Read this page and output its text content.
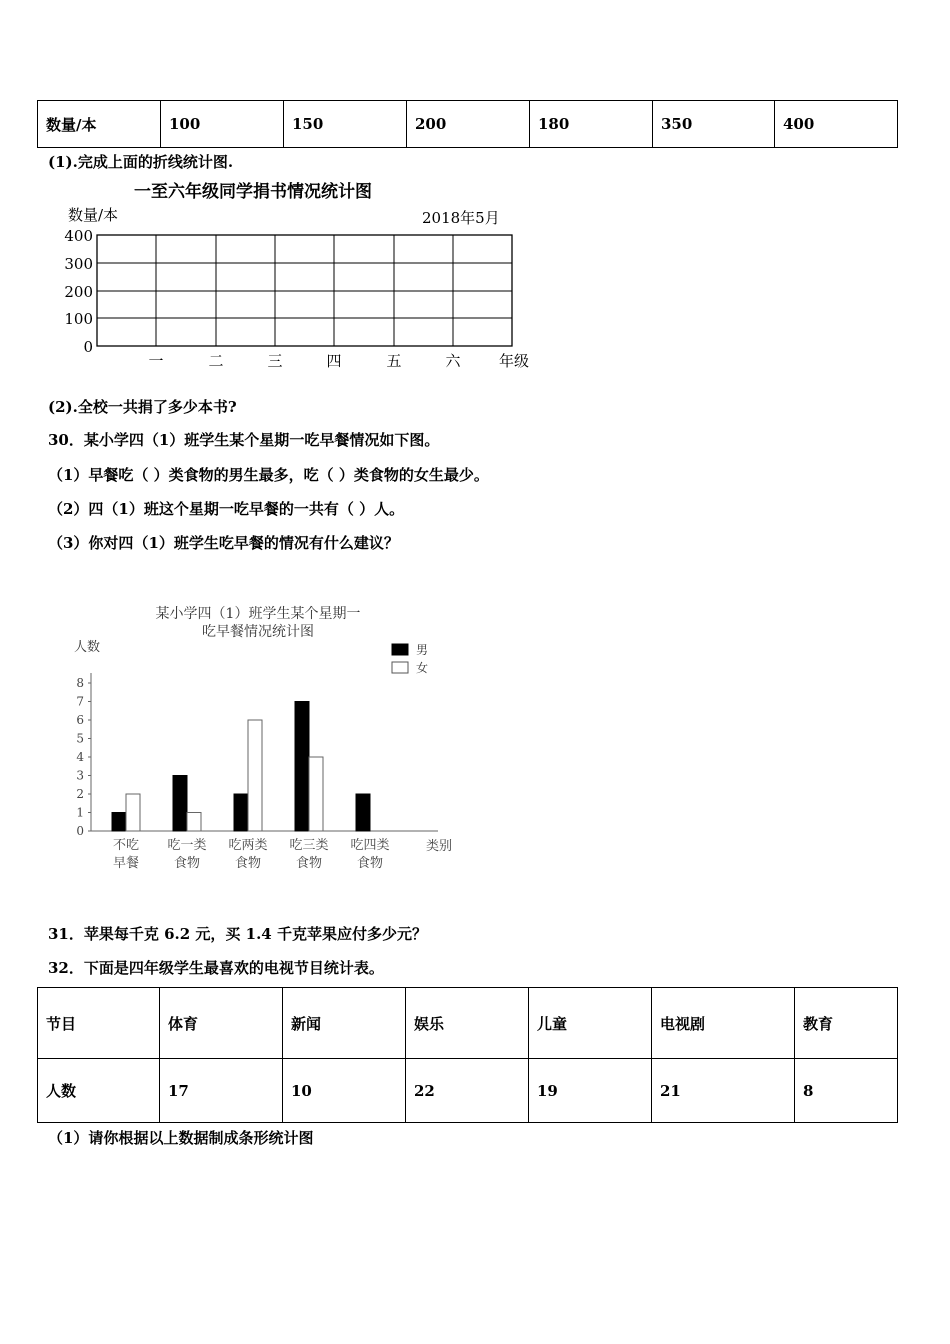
数量/本	100	150	200	180	350	400
(1).完成上面的折线统计图.
一至六年级同学捐书情况统计图
数量/本	2018年5月
400
300
200
100
0
一	二	三	四	五	六	年级
(2).全校一共捐了多少本书?
30．某小学四（1）班学生某个星期一吃早餐情况如下图。
（1）早餐吃（ ）类食物的男生最多，吃（ ）类食物的女生最少。
（2）四（1）班这个星期一吃早餐的一共有（ ）人。
（3）你对四（1）班学生吃早餐的情况有什么建议？
某小学四（1）班学生某个星期一
吃早餐情况统计图
人数	男
女
类别
0
1
2
3
4
5
6
7
8
不吃
早餐
吃一类
食物
吃两类
食物
吃三类
食物
吃四类
食物
31．苹果每千克 6.2 元，买 1.4 千克苹果应付多少元？
32．下面是四年级学生最喜欢的电视节目统计表。
节目	体育	新闻	娱乐	儿童	电视剧	教育
人数	17	10	22	19	21	8
（1）请你根据以上数据制成条形统计图
